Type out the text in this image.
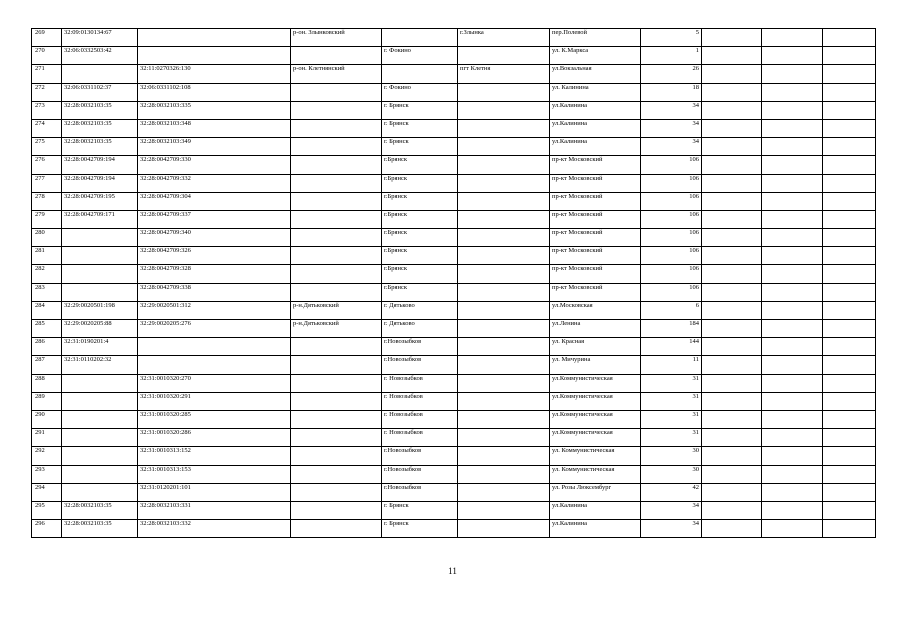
269	32:09:0130134:67		р-он. Злынковский		г.Злынка	пер.Полевой	5			
270	32:06:0332503:42			г. Фокино		ул. К.Маркса	1			
271		32:11:0270326:130	р-он. Клетнянский		пгт Клетня	ул.Вокзальная	26			
272	32:06:0331102:37	32:06:0331102:108		г. Фокино		ул. Калинина	18			
273	32:28:0032103:35	32:28:0032103:335		г. Брянск		ул.Калинина	34			
274	32:28:0032103:35	32:28:0032103:348		г. Брянск		ул.Калинина	34			
275	32:28:0032103:35	32:28:0032103:349		г. Брянск		ул.Калинина	34			
276	32:28:0042709:194	32:28:0042709:330		г.Брянск		пр-кт Московский	106			
277	32:28:0042709:194	32:28:0042709:332		г.Брянск		пр-кт Московский	106			
278	32:28:0042709:195	32:28:0042709:304		г.Брянск		пр-кт Московский	106			
279	32:28:0042709:171	32:28:0042709:337		г.Брянск		пр-кт Московский	106			
280		32:28:0042709:340		г.Брянск		пр-кт Московский	106			
281		32:28:0042709:326		г.Брянск		пр-кт Московский	106			
282		32:28:0042709:328		г.Брянск		пр-кт Московский	106			
283		32:28:0042709:338		г.Брянск		пр-кт Московский	106			
284	32:29:0020501:198	32:29:0020501:312	р-н.Дятьковский	г. Дятьково		ул.Московская	6			
285	32:29:0020205:88	32:29:0020205:276	р-н.Дятьковский	г. Дятьково		ул.Ленина	184			
286	32:31:0190201:4			г.Новозыбков		ул. Красная	144			
287	32:31:0110202:32			г.Новозыбков		ул. Мичурина	11			
288		32:31:0010320:270		г. Новозыбков		ул.Коммунистическая	31			
289		32:31:0010320:291		г. Новозыбков		ул.Коммунистическая	31			
290		32:31:0010320:285		г. Новозыбков		ул.Коммунистическая	31			
291		32:31:0010320:286		г. Новозыбков		ул.Коммунистическая	31			
292		32:31:0010313:152		г.Новозыбков		ул. Коммунистическая	30			
293		32:31:0010313:153		г.Новозыбков		ул. Коммунистическая	30			
294		32:31:0120201:101		г.Новозыбков		ул. Розы Люксембург	42			
295	32:28:0032103:35	32:28:0032103:331		г. Брянск		ул.Калинина	34			
296	32:28:0032103:35	32:28:0032103:332		г. Брянск		ул.Калинина	34			
11
